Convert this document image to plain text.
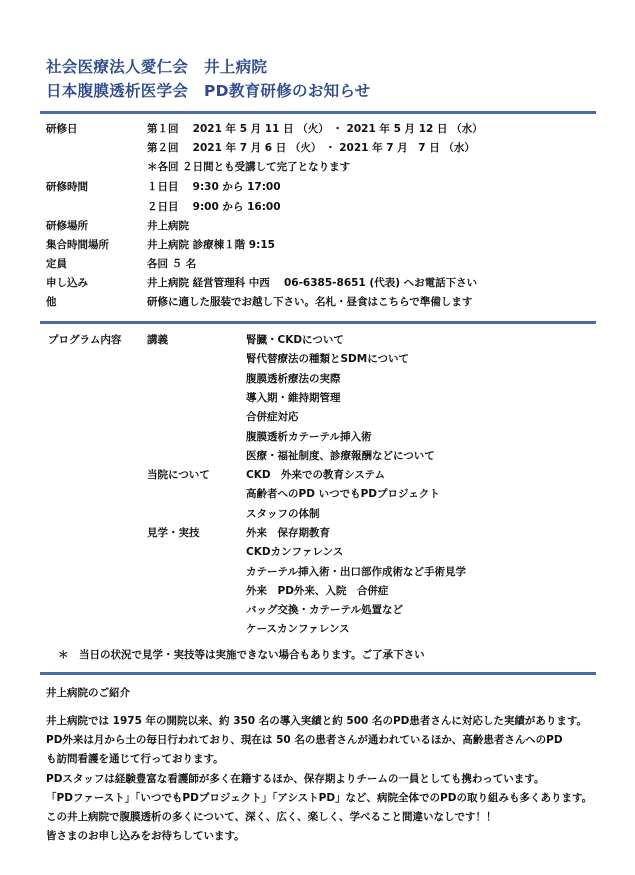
社会医療法人愛仁会　井上病院
日本腹膜透析医学会　PD教育研修のお知らせ
研修日	第１回　 2021 年 5 月 11 日 （火） ・ 2021 年 5 月 12 日 （水）
第２回　 2021 年 7 月 6 日 （火） ・ 2021 年 7 月　7 日 （水）
＊各回 ２日間とも受講して完了となります
研修時間	１日目　 9:30 から 17:00
２日目　 9:00 から 16:00
研修場所	井上病院
集合時間場所	井上病院 診療棟１階 9:15
定員	各回 ５ 名
申し込み	井上病院 経営管理科 中西　 06-6385-8651 (代表) へお電話下さい
他	研修に適した服装でお越し下さい。名札・昼食はこちらで準備します
プログラム内容 講義	腎臓・CKDについて
腎代替療法の種類とSDMについて
腹膜透析療法の実際
導入期・維持期管理
合併症対応
腹膜透析カテーテル挿入術
医療・福祉制度、診療報酬などについて
当院について	CKD　外来での教育システム
高齢者へのPD いつでもPDプロジェクト
スタッフの体制
見学・実技	外来　保存期教育
CKDカンファレンス
カテーテル挿入術・出口部作成術など手術見学
外来　PD外来、入院　合併症
バッグ交換・カテーテル処置など
ケースカンファレンス
＊　当日の状況で見学・実技等は実施できない場合もあります。ご了承下さい
井上病院のご紹介
井上病院では 1975 年の開院以来、約 350 名の導入実績と約 500 名のPD患者さんに対応した実績があります。
PD外来は月から土の毎日行われており、現在は 50 名の患者さんが通われているほか、高齢患者さんへのPD
も訪問看護を通じて行っております。
PDスタッフは経験豊富な看護師が多く在籍するほか、保存期よりチームの一員としても携わっています。
「PDファースト」「いつでもPDプロジェクト」「アシストPD」など、病院全体でのPDの取り組みも多くあります。
この井上病院で腹膜透析の多くについて、深く、広く、楽しく、学べること間違いなしです！！
皆さまのお申し込みをお待ちしています。
